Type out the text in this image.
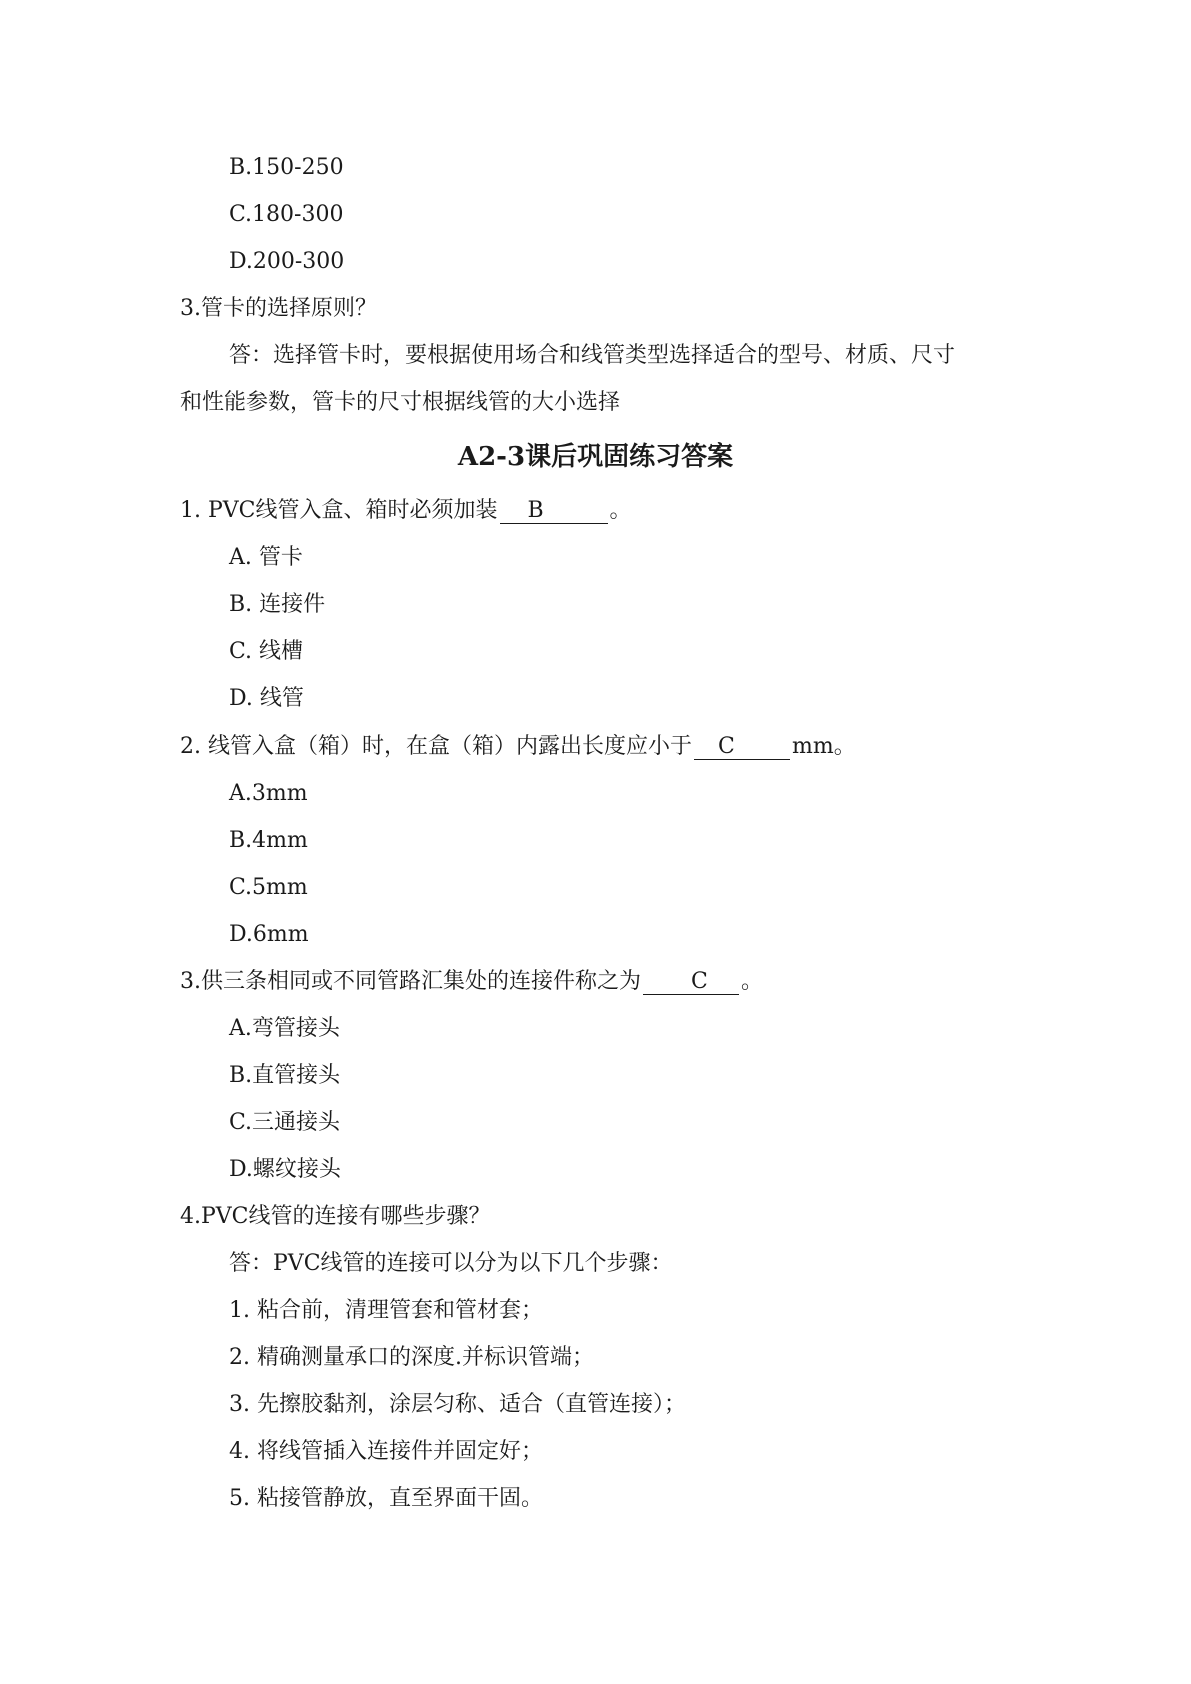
B.150-250
C.180-300
D.200-300
3.管卡的选择原则？
答：选择管卡时，要根据使用场合和线管类型选择适合的型号、材质、尺寸
和性能参数，管卡的尺寸根据线管的大小选择
A2-3课后巩固练习答案
1. PVC线管入盒、箱时必须加装 B	。
A. 管卡
B. 连接件
C. 线槽
D. 线管
2. 线管入盒（箱）时，在盒（箱）内露出长度应小于 C	mm。
A.3mm
B.4mm
C.5mm
D.6mm
3.供三条相同或不同管路汇集处的连接件称之为 C 。
A.弯管接头
B.直管接头
C.三通接头
D.螺纹接头
4.PVC线管的连接有哪些步骤？
答：PVC线管的连接可以分为以下几个步骤：
1. 粘合前，清理管套和管材套；
2. 精确测量承口的深度.并标识管端；
3. 先擦胶黏剂，涂层匀称、适合（直管连接）；
4. 将线管插入连接件并固定好；
5. 粘接管静放，直至界面干固。
